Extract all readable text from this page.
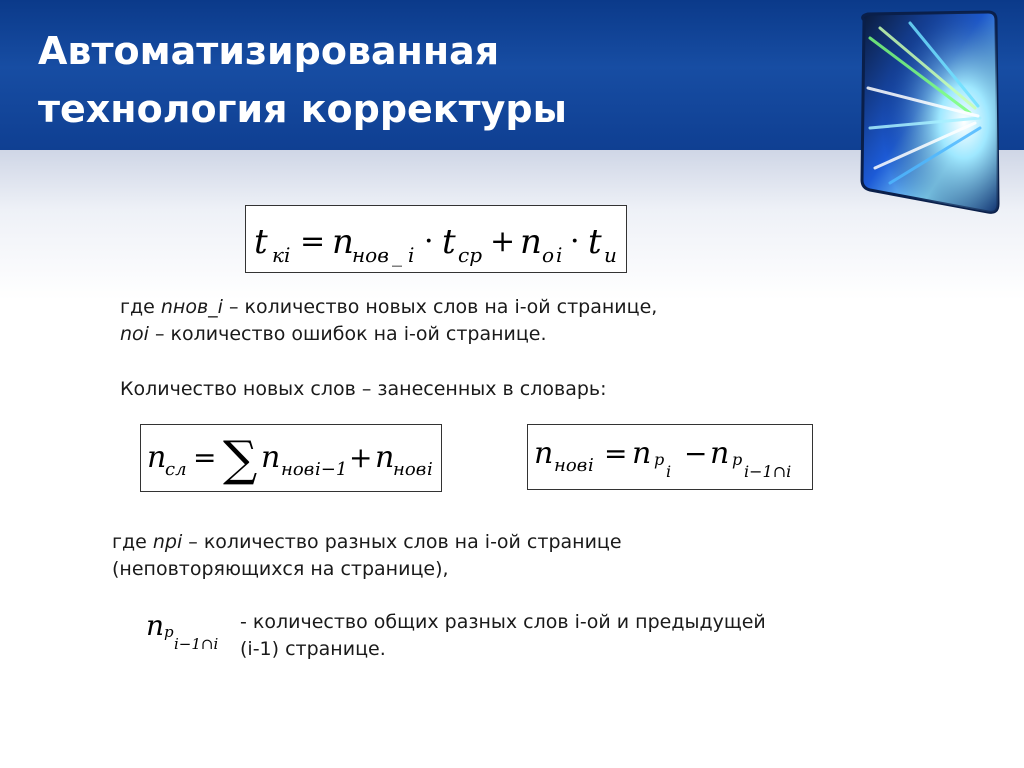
Автоматизированная
технология корректуры
t к i = n
нов _ i · t ср + n о i · t и

где nнов_i – количество новых слов на i-ой странице,
noi – количество ошибок на i-ой странице.

Количество новых слов – занесенных в словарь:

n
сл = ∑ n нов i−1 + n
нов i	n нов i = n p
i
− n p
i−1∩i

где npi – количество разных слов на i-ой странице
(неповторяющихся на странице),

n p
i−1∩i

- количество общих разных слов i-ой и предыдущей
(i-1) странице.
